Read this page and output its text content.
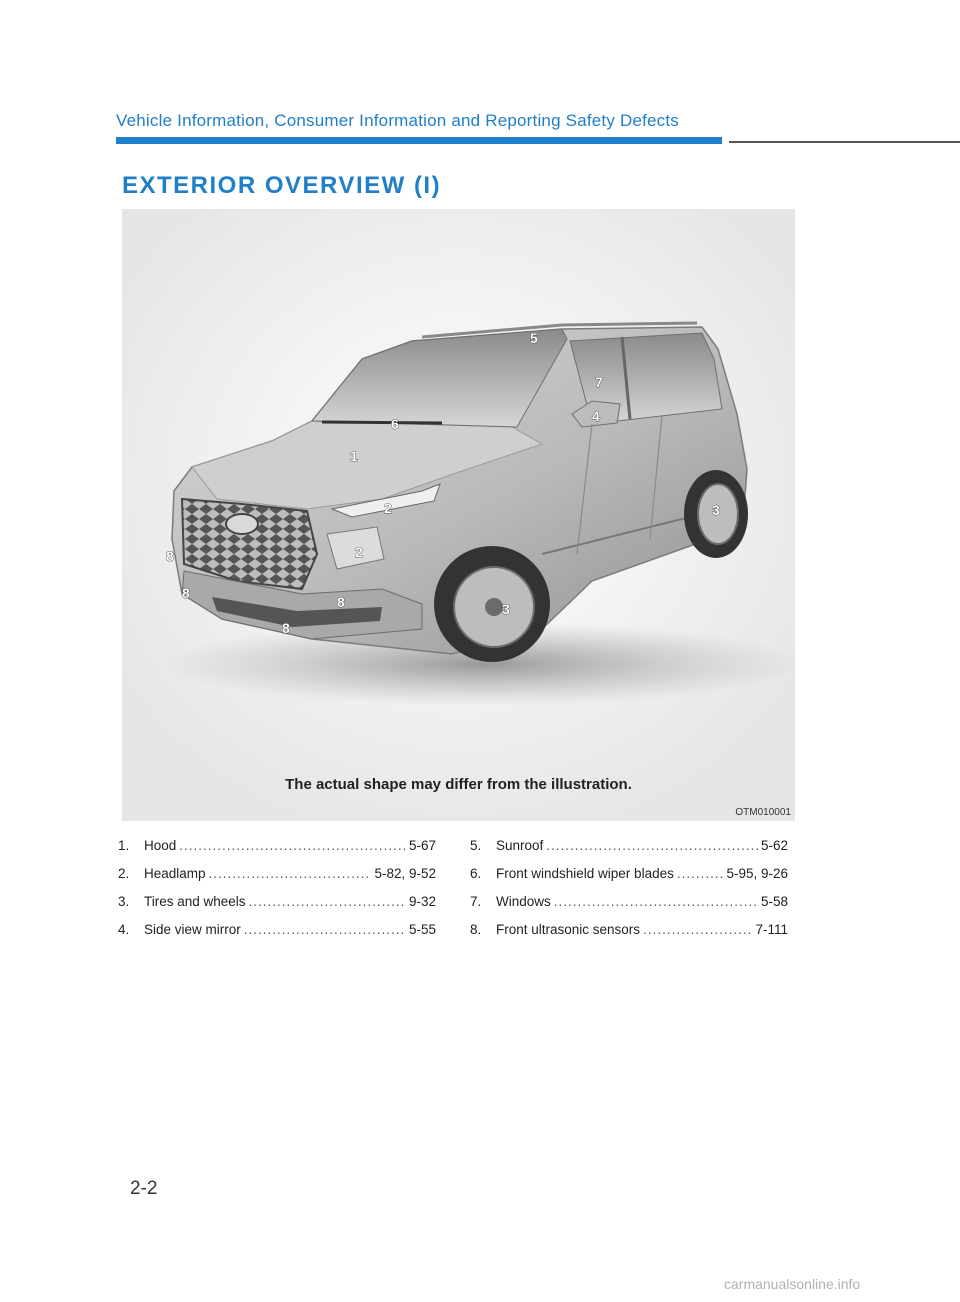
Vehicle Information, Consumer Information and Reporting Safety Defects
EXTERIOR OVERVIEW (I)
1
2
2
3
3
4
5
6
7
8
8
8
8
The actual shape may differ from the illustration.
OTM010001
1.	Hood .....	5-67
2.	Headlamp .....	5-82, 9-52
3.	Tires and wheels .....	9-32
4.	Side view mirror .....	5-55
5.	Sunroof .....	5-62
6.	Front windshield wiper blades .....	5-95, 9-26
7.	Windows .....	5-58
8.	Front ultrasonic sensors .....	7-111
2-2
carmanualsonline.info
